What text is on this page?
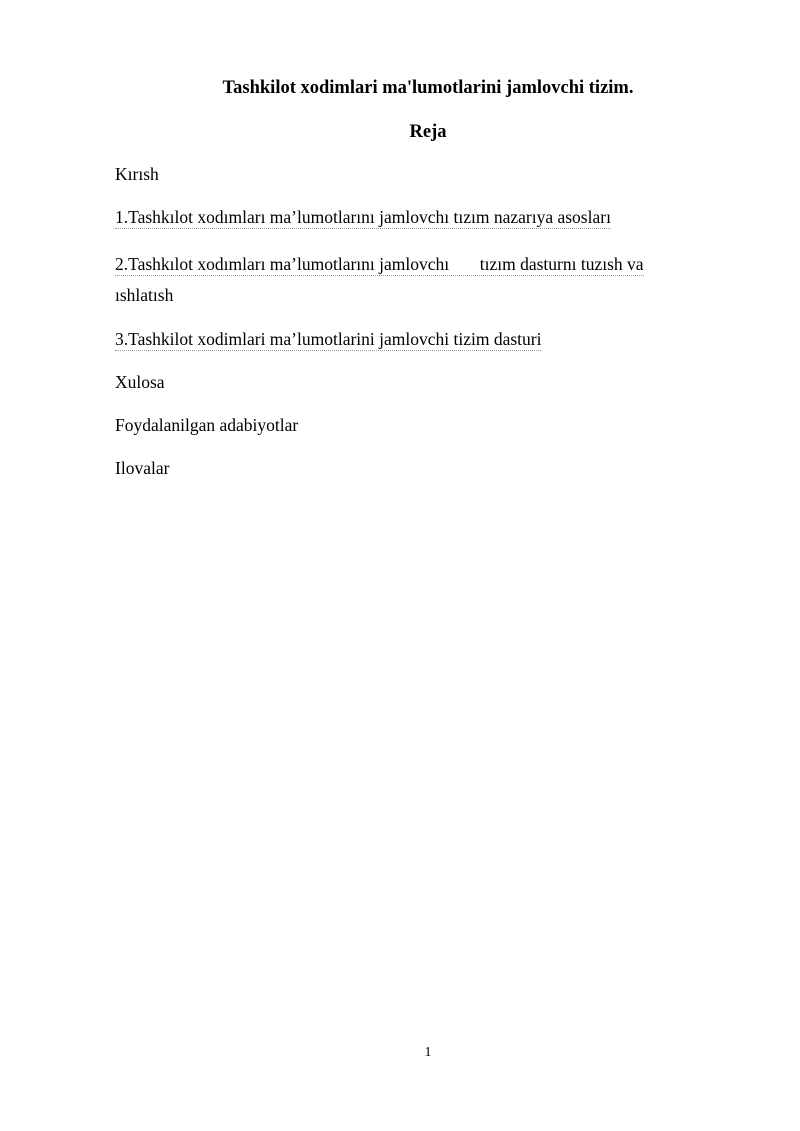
Tashkilot xodimlari ma'lumotlarini jamlovchi tizim.
Reja
Kırısh
1.Tashkılot xodımları ma’lumotlarını jamlovchı tızım nazarıya asosları
2.Tashkılot xodımları ma’lumotlarını jamlovchı       tızım dasturnı tuzısh va
ıshlatısh
3.Tashkilot xodimlari ma’lumotlarini jamlovchi tizim dasturi
Xulosa
Foydalanilgan adabiyotlar
Ilovalar
1
